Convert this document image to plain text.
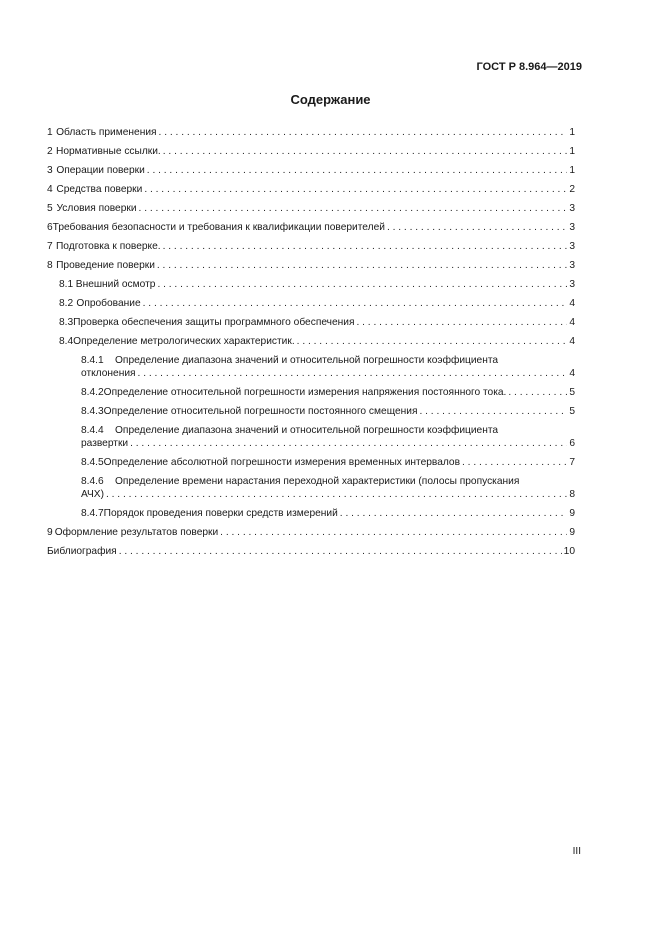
ГОСТ Р 8.964—2019
Содержание
1 Область применения . . .	1
2 Нормативные ссылки. . . .	1
3 Операции поверки . . .	1
4 Средства поверки . . .	2
5 Условия поверки . . .	3
6 Требования безопасности и требования к квалификации поверителей . . .	3
7 Подготовка к поверке. . . .	3
8 Проведение поверки . . .	3
8.1 Внешний осмотр . . .	3
8.2 Опробование . . .	4
8.3 Проверка обеспечения защиты программного обеспечения . . .	4
8.4 Определение метрологических характеристик. . . .	4
8.4.1	Определение диапазона значений и относительной погрешности коэффициента
отклонения . . .	4
8.4.2 Определение относительной погрешности измерения напряжения постоянного тока. . . .	5
8.4.3 Определение относительной погрешности постоянного смещения . . .	5
8.4.4	Определение диапазона значений и относительной погрешности коэффициента
развертки . . .	6
8.4.5 Определение абсолютной погрешности измерения временных интервалов . . .	7
8.4.6	Определение времени нарастания переходной характеристики (полосы пропускания
АЧХ) . . .	8
8.4.7 Порядок проведения поверки средств измерений . . .	9
9 Оформление результатов поверки . . .	9
Библиография . . .	10
III
